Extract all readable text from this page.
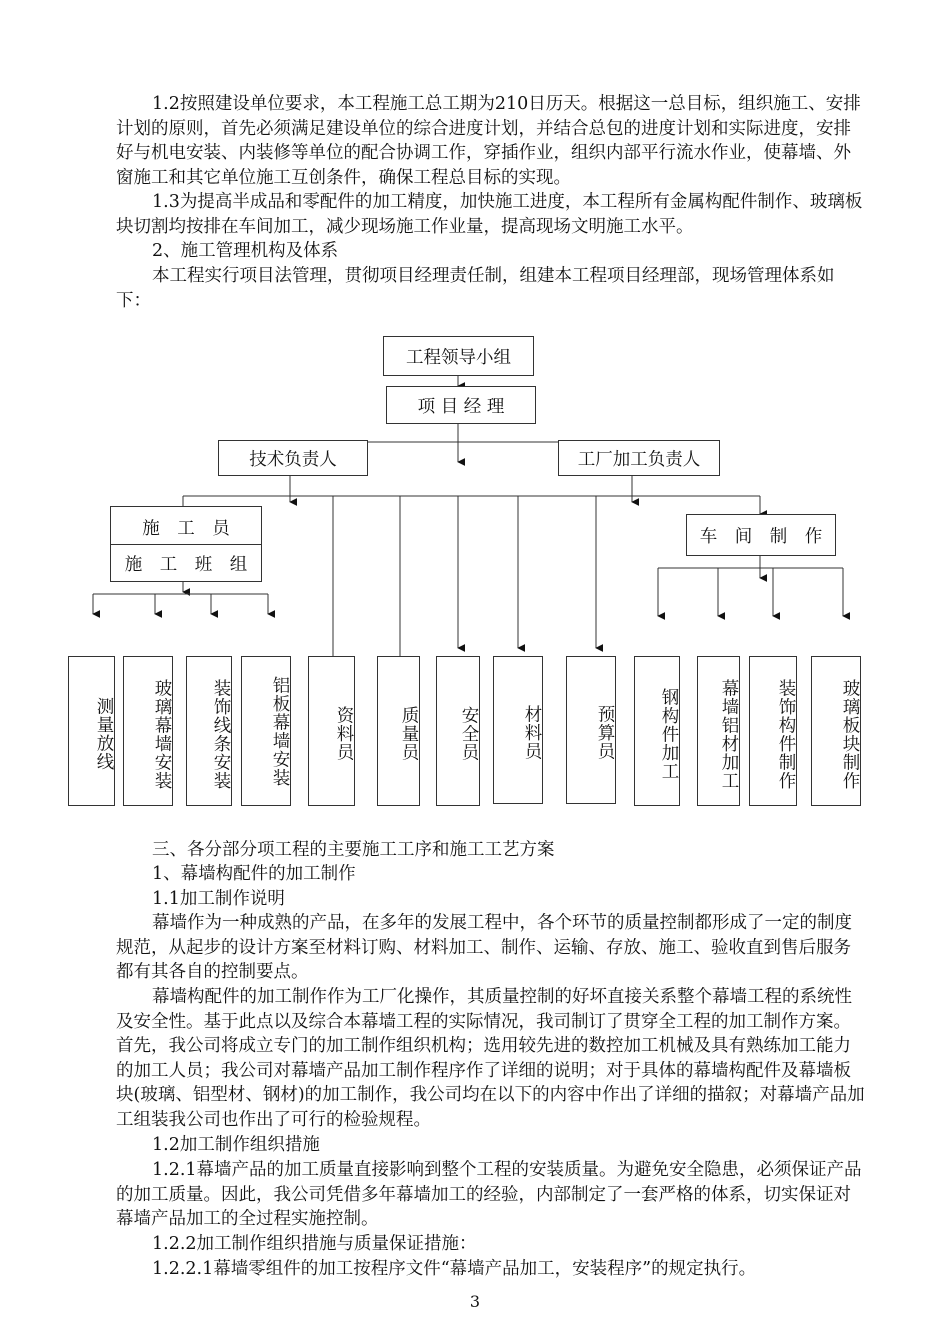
1.2按照建设单位要求，本工程施工总工期为210日历天。根据这一总目标，组织施工、安排计划的原则，首先必须满足建设单位的综合进度计划，并结合总包的进度计划和实际进度，安排好与机电安装、内装修等单位的配合协调工作，穿插作业，组织内部平行流水作业，使幕墙、外窗施工和其它单位施工互创条件，确保工程总目标的实现。

1.3为提高半成品和零配件的加工精度，加快施工进度，本工程所有金属构配件制作、玻璃板块切割均按排在车间加工，减少现场施工作业量，提高现场文明施工水平。

2、施工管理机构及体系

本工程实行项目法管理，贯彻项目经理责任制，组建本工程项目经理部，现场管理体系如下：

工程领导小组
项 目 经 理
技术负责人	工厂加工负责人
施　工　员
施　工　班　组
车　间　制　作
测量放线	玻璃幕墙安装	装饰线条安装	铝板幕墙安装	资料员	质量员	安全员	材料员	预算员	钢构件加工	幕墙铝材加工	装饰构件制作	玻璃板块制作

三、各分部分项工程的主要施工工序和施工工艺方案

1、幕墙构配件的加工制作

1.1加工制作说明

幕墙作为一种成熟的产品，在多年的发展工程中，各个环节的质量控制都形成了一定的制度规范，从起步的设计方案至材料订购、材料加工、制作、运输、存放、施工、验收直到售后服务都有其各自的控制要点。

幕墙构配件的加工制作作为工厂化操作，其质量控制的好坏直接关系整个幕墙工程的系统性及安全性。基于此点以及综合本幕墙工程的实际情况，我司制订了贯穿全工程的加工制作方案。首先，我公司将成立专门的加工制作组织机构；选用较先进的数控加工机械及具有熟练加工能力的加工人员；我公司对幕墙产品加工制作程序作了详细的说明；对于具体的幕墙构配件及幕墙板块(玻璃、铝型材、钢材)的加工制作，我公司均在以下的内容中作出了详细的描叙；对幕墙产品加工组装我公司也作出了可行的检验规程。

1.2加工制作组织措施

1.2.1幕墙产品的加工质量直接影响到整个工程的安装质量。为避免安全隐患，必须保证产品的加工质量。因此，我公司凭借多年幕墙加工的经验，内部制定了一套严格的体系，切实保证对幕墙产品加工的全过程实施控制。

1.2.2加工制作组织措施与质量保证措施：

1.2.2.1幕墙零组件的加工按程序文件“幕墙产品加工，安装程序”的规定执行。

3
